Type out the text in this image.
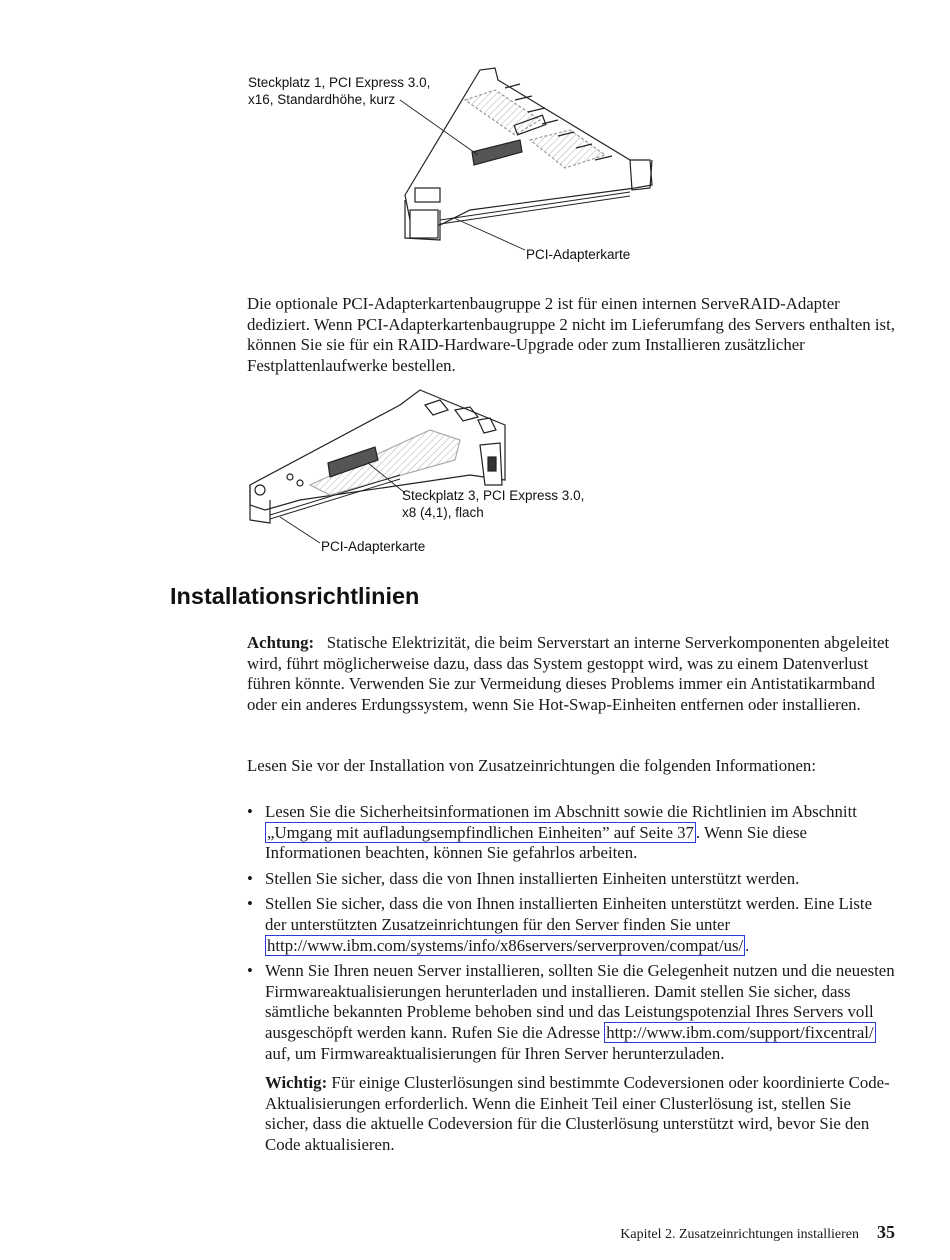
Steckplatz 1, PCI Express 3.0,
x16, Standardhöhe, kurz
PCI-Adapterkarte

Die optionale PCI-Adapterkartenbaugruppe 2 ist für einen internen ServeRAID-Adapter dediziert. Wenn PCI-Adapterkartenbaugruppe 2 nicht im Lieferumfang des Servers enthalten ist, können Sie sie für ein RAID-Hardware-Upgrade oder zum Installieren zusätzlicher Festplattenlaufwerke bestellen.

Steckplatz 3, PCI Express 3.0,
x8 (4,1), flach
PCI-Adapterkarte
Installationsrichtlinien

Achtung: Statische Elektrizität, die beim Serverstart an interne Serverkomponenten abgeleitet wird, führt möglicherweise dazu, dass das System gestoppt wird, was zu einem Datenverlust führen könnte. Verwenden Sie zur Vermeidung dieses Problems immer ein Antistatikarmband oder ein anderes Erdungssystem, wenn Sie Hot-Swap-Einheiten entfernen oder installieren.

Lesen Sie vor der Installation von Zusatzeinrichtungen die folgenden Informationen:

• Lesen Sie die Sicherheitsinformationen im Abschnitt sowie die Richtlinien im Abschnitt „Umgang mit aufladungsempfindlichen Einheiten” auf Seite 37 . Wenn Sie diese Informationen beachten, können Sie gefahrlos arbeiten.
• Stellen Sie sicher, dass die von Ihnen installierten Einheiten unterstützt werden.
• Stellen Sie sicher, dass die von Ihnen installierten Einheiten unterstützt werden. Eine Liste der unterstützten Zusatzeinrichtungen für den Server finden Sie unter http://www.ibm.com/systems/info/x86servers/serverproven/compat/us/ .
• Wenn Sie Ihren neuen Server installieren, sollten Sie die Gelegenheit nutzen und die neuesten Firmwareaktualisierungen herunterladen und installieren. Damit stellen Sie sicher, dass sämtliche bekannten Probleme behoben sind und das Leistungspotenzial Ihres Servers voll ausgeschöpft werden kann. Rufen Sie die Adresse http://www.ibm.com/support/fixcentral/ auf, um Firmwareaktualisierungen für Ihren Server herunterzuladen.

Wichtig: Für einige Clusterlösungen sind bestimmte Codeversionen oder koordinierte Code-Aktualisierungen erforderlich. Wenn die Einheit Teil einer Clusterlösung ist, stellen Sie sicher, dass die aktuelle Codeversion für die Clusterlösung unterstützt wird, bevor Sie den Code aktualisieren.

Kapitel 2. Zusatzeinrichtungen installieren 35
